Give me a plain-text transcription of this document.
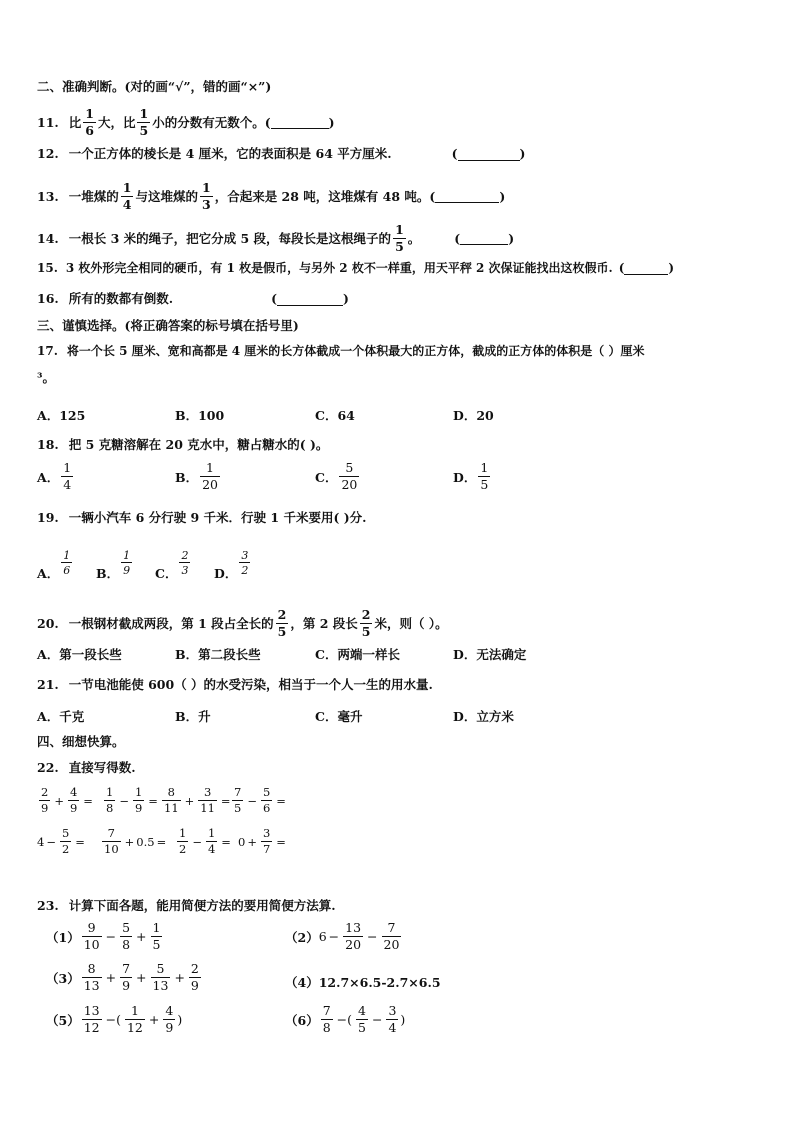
二、准确判断。(对的画“√”，错的画“×”)
11. 比 $\frac{1}{6}$ 大，比 $\frac{1}{5}$ 小的分数有无数个。(	)
12. 一个正方体的棱长是 4 厘米，它的表面积是 64 平方厘米.	(	)
13. 一堆煤的 $\frac{1}{4}$ 与这堆煤的 $\frac{1}{3}$ ，合起来是 28 吨，这堆煤有 48 吨。(	)
14. 一根长 3 米的绳子，把它分成 5 段，每段长是这根绳子的 $\frac{1}{5}$ 。	(	)
15. 3 枚外形完全相同的硬币，有 1 枚是假币，与另外 2 枚不一样重，用天平秤 2 次保证能找出这枚假币. (	)
16. 所有的数都有倒数.	(	)
三、谨慎选择。(将正确答案的标号填在括号里)
17. 将一个长 5 厘米、宽和高都是 4 厘米的长方体截成一个体积最大的正方体，截成的正方体的体积是（ ）厘米
³。
A．125	B．100	C．64	D．20
18. 把 5 克糖溶解在 20 克水中，糖占糖水的( )。
A． $\frac{1}{4}$	B． $\frac{1}{20}$	C． $\frac{5}{20}$	D． $\frac{1}{5}$
19. 一辆小汽车 6 分行驶 9 千米．行驶 1 千米要用( )分.
A． $\frac{1}{6}$ B． $\frac{1}{9}$ C． $\frac{2}{3}$ D． $\frac{3}{2}$
20. 一根钢材截成两段，第 1 段占全长的 $\frac{2}{5}$ ，第 2 段长 $\frac{2}{5}$ 米，则（ ）。
A．第一段长些	B．第二段长些	C．两端一样长	D．无法确定
21. 一节电池能使 600（ ）的水受污染，相当于一个人一生的用水量.
A．千克	B．升	C．毫升	D．立方米
四、细想快算。
22. 直接写得数.
$\frac{2}{9} + \frac{4}{9} = \frac{1}{8} - \frac{1}{9} = \frac{8}{11} + \frac{3}{11} = \frac{7}{5} - \frac{5}{6}$ =
$4 - \frac{5}{2} = \frac{7}{10} + 0.5 = \frac{1}{2} - \frac{1}{4} = 0 + \frac{3}{7}$ =
23. 计算下面各题，能用简便方法的要用简便方法算.
$(1) \frac{9}{10} - \frac{5}{8} + \frac{1}{5}$	（2） $6 - \frac{13}{20} - \frac{7}{20}$
$(3) \frac{8}{13} + \frac{7}{9} + \frac{5}{13} + \frac{2}{9}$	（4） 12.7×6.5-2.7×6.5
$(5) \frac{13}{12}$ −( $\frac{1}{12} + \frac{4}{9}$ )	$(6) \frac{7}{8}$ −( $\frac{4}{5} - \frac{3}{4}$ )
